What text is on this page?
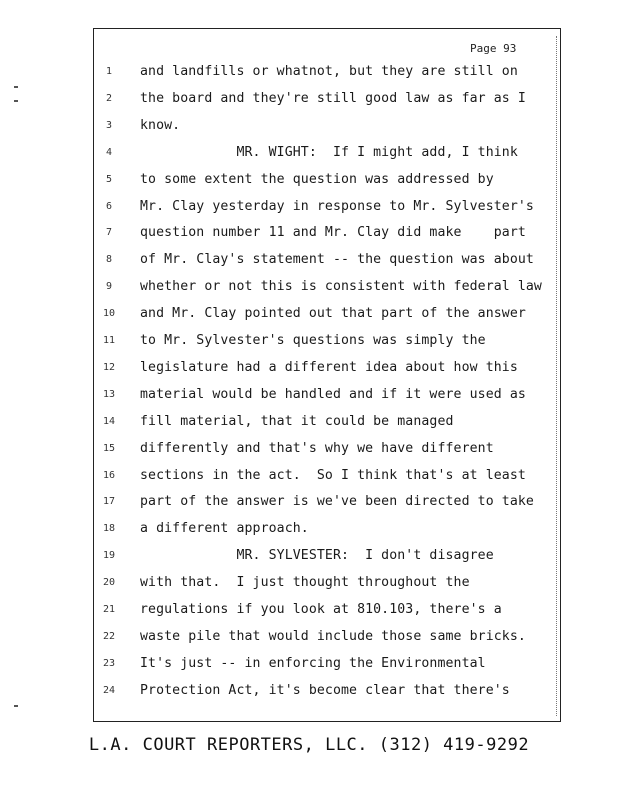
Page 93
1	and landfills or whatnot, but they are still on
2	the board and they're still good law as far as I
3	know.
4	MR. WIGHT:  If I might add, I think
5	to some extent the question was addressed by
6	Mr. Clay yesterday in response to Mr. Sylvester's
7	question number 11 and Mr. Clay did make    part
8	of Mr. Clay's statement -- the question was about
9	whether or not this is consistent with federal law
10	and Mr. Clay pointed out that part of the answer
11	to Mr. Sylvester's questions was simply the
12	legislature had a different idea about how this
13	material would be handled and if it were used as
14	fill material, that it could be managed
15	differently and that's why we have different
16	sections in the act.  So I think that's at least
17	part of the answer is we've been directed to take
18	a different approach.
19	MR. SYLVESTER:  I don't disagree
20	with that.  I just thought throughout the
21	regulations if you look at 810.103, there's a
22	waste pile that would include those same bricks.
23	It's just -- in enforcing the Environmental
24	Protection Act, it's become clear that there's
L.A. COURT REPORTERS, LLC. (312) 419-9292
